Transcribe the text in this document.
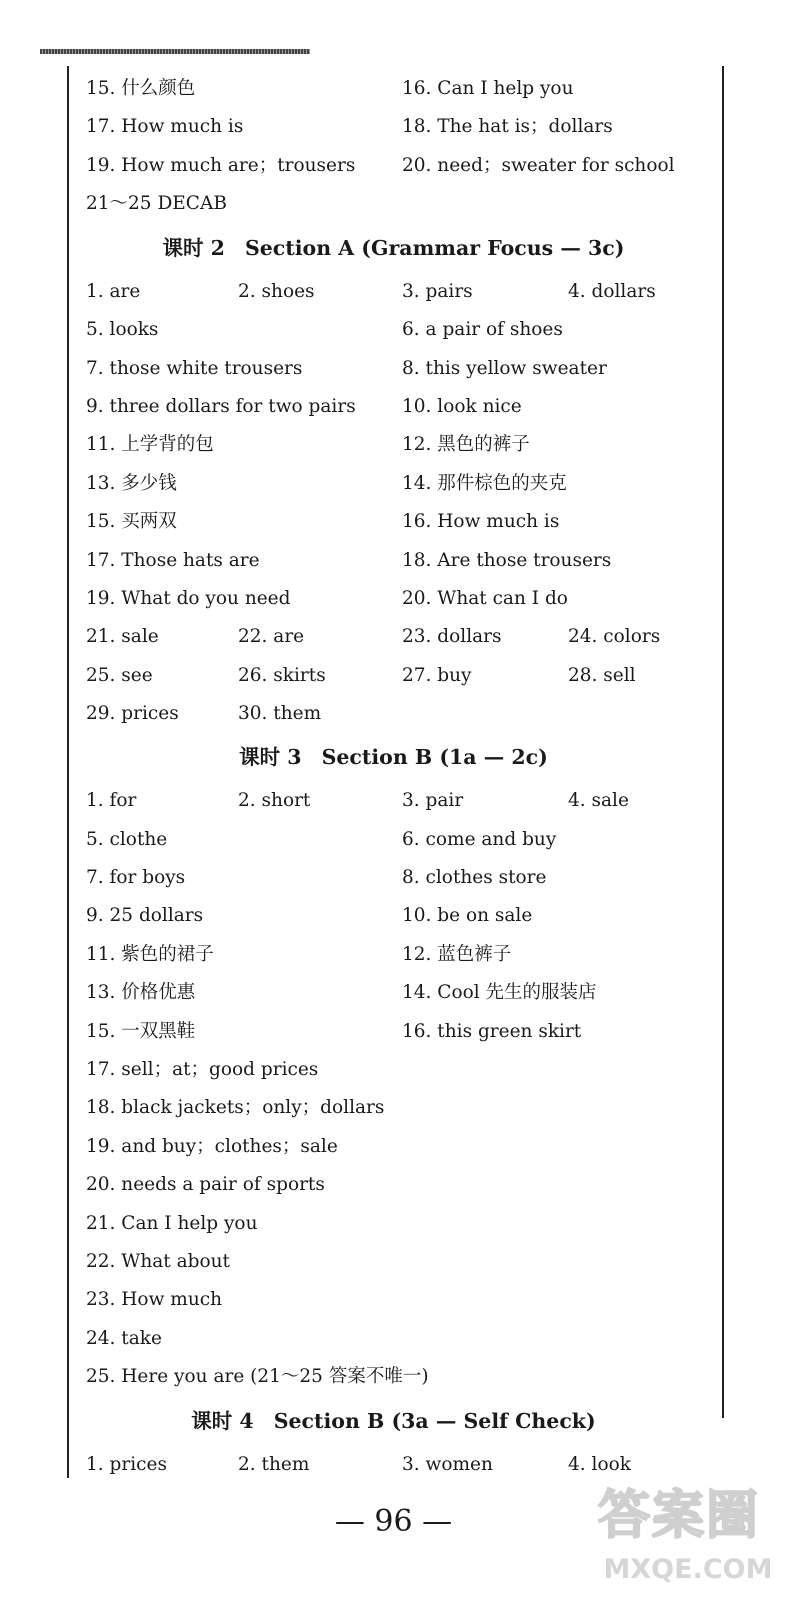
15. 什么颜色	16. Can I help you
17. How much is	18. The hat is；dollars
19. How much are；trousers	20. need；sweater for school
21～25 DECAB
课时 2 Section A (Grammar Focus — 3c)
1. are	2. shoes	3. pairs	4. dollars
5. looks	6. a pair of shoes
7. those white trousers	8. this yellow sweater
9. three dollars for two pairs	10. look nice
11. 上学背的包	12. 黑色的裤子
13. 多少钱	14. 那件棕色的夹克
15. 买两双	16. How much is
17. Those hats are	18. Are those trousers
19. What do you need	20. What can I do
21. sale	22. are	23. dollars	24. colors
25. see	26. skirts	27. buy	28. sell
29. prices	30. them
课时 3 Section B (1a — 2c)
1. for	2. short	3. pair	4. sale
5. clothe	6. come and buy
7. for boys	8. clothes store
9. 25 dollars	10. be on sale
11. 紫色的裙子	12. 蓝色裤子
13. 价格优惠	14. Cool 先生的服装店
15. 一双黑鞋	16. this green skirt
17. sell；at；good prices
18. black jackets；only；dollars
19. and buy；clothes；sale
20. needs a pair of sports
21. Can I help you
22. What about
23. How much
24. take
25. Here you are (21～25 答案不唯一)
课时 4 Section B (3a — Self Check)
1. prices	2. them	3. women	4. look
— 96 —	答案圈
MXQE.COM
